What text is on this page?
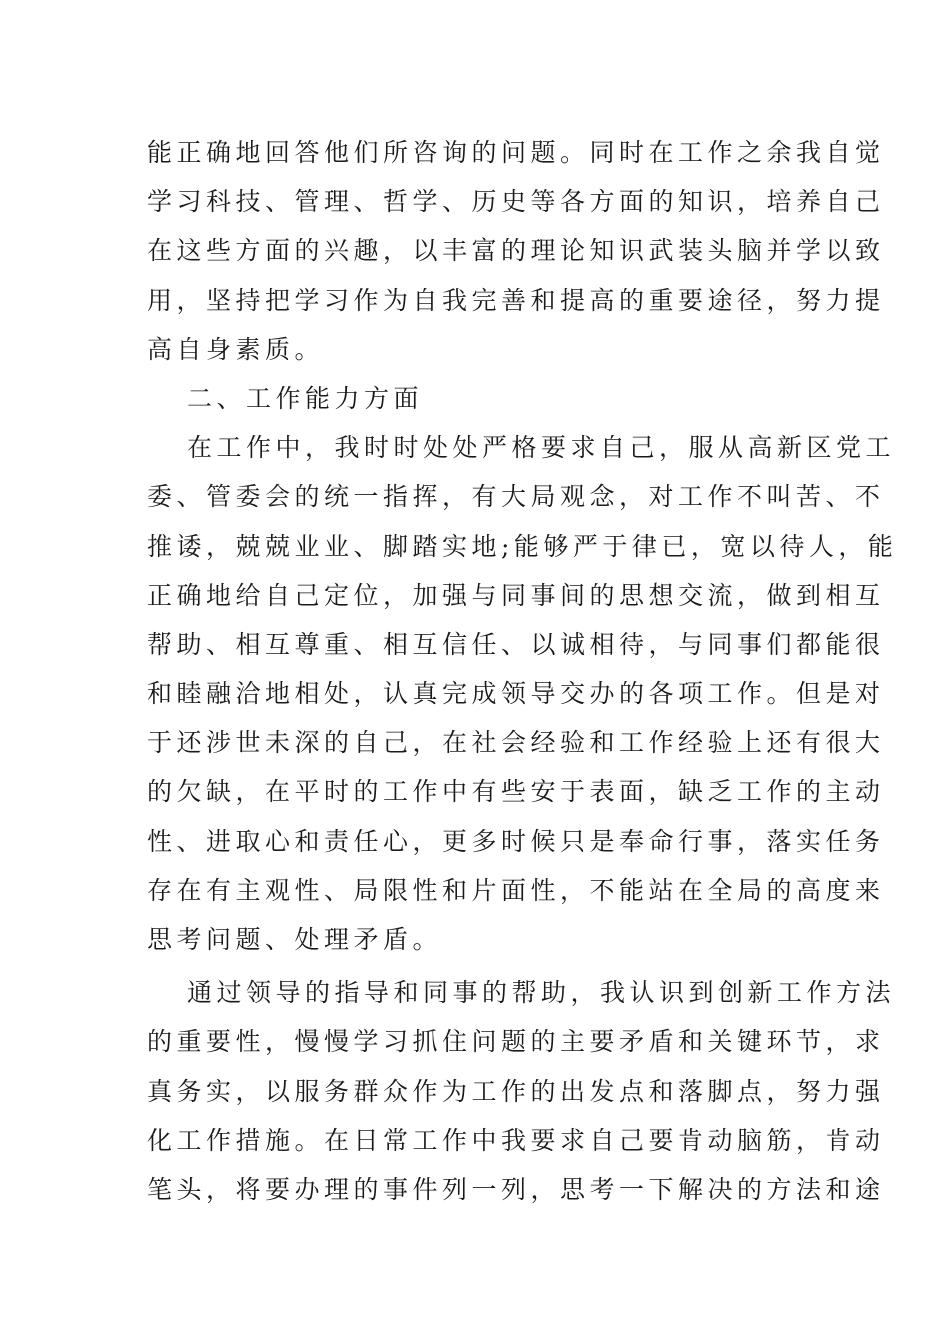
能正确地回答他们所咨询的问题。同时在工作之余我自觉
学习科技、管理、哲学、历史等各方面的知识，培养自己
在这些方面的兴趣，以丰富的理论知识武装头脑并学以致
用，坚持把学习作为自我完善和提高的重要途径，努力提
高自身素质。
二、工作能力方面
在工作中，我时时处处严格要求自己，服从高新区党工
委、管委会的统一指挥，有大局观念，对工作不叫苦、不
推诿，兢兢业业、脚踏实地;能够严于律已，宽以待人，能
正确地给自己定位，加强与同事间的思想交流，做到相互
帮助、相互尊重、相互信任、以诚相待，与同事们都能很
和睦融洽地相处，认真完成领导交办的各项工作。但是对
于还涉世未深的自己，在社会经验和工作经验上还有很大
的欠缺，在平时的工作中有些安于表面，缺乏工作的主动
性、进取心和责任心，更多时候只是奉命行事，落实任务
存在有主观性、局限性和片面性，不能站在全局的高度来
思考问题、处理矛盾。
通过领导的指导和同事的帮助，我认识到创新工作方法
的重要性，慢慢学习抓住问题的主要矛盾和关键环节，求
真务实，以服务群众作为工作的出发点和落脚点，努力强
化工作措施。在日常工作中我要求自己要肯动脑筋，肯动
笔头，将要办理的事件列一列，思考一下解决的方法和途
